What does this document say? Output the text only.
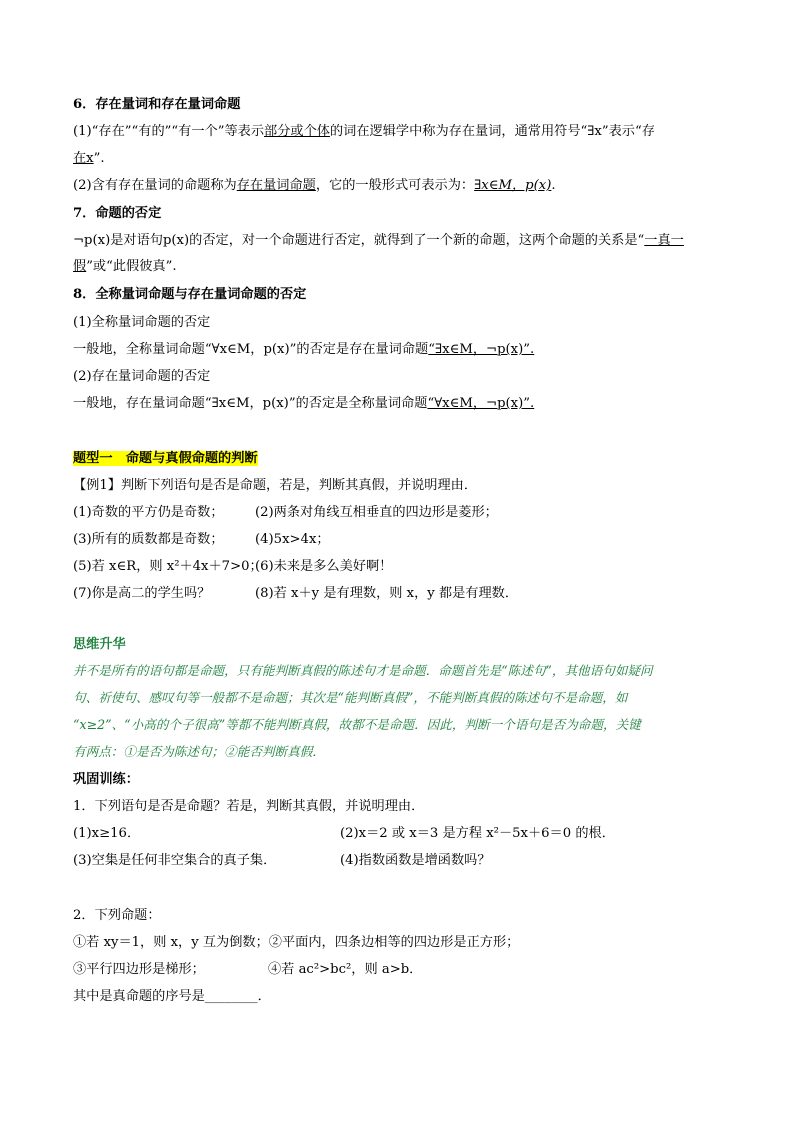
6．存在量词和存在量词命题
(1)“存在”“有的”“有一个”等表示部分或个体的词在逻辑学中称为存在量词，通常用符号“∃x”表示“存
在x”.
(2)含有存在量词的命题称为存在量词命题，它的一般形式可表示为：∃x∈M，p(x).
7．命题的否定
¬p(x)是对语句p(x)的否定，对一个命题进行否定，就得到了一个新的命题，这两个命题的关系是“一真一
假”或“此假彼真”.
8．全称量词命题与存在量词命题的否定
(1)全称量词命题的否定
一般地，全称量词命题“∀x∈M，p(x)”的否定是存在量词命题“∃x∈M，¬p(x)”.
(2)存在量词命题的否定
一般地，存在量词命题“∃x∈M，p(x)”的否定是全称量词命题“∀x∈M，¬p(x)”.
题型一　命题与真假命题的判断
【例1】判断下列语句是否是命题，若是，判断其真假，并说明理由．
(1)奇数的平方仍是奇数； (2)两条对角线互相垂直的四边形是菱形；
(3)所有的质数都是奇数； (4)5x>4x；
(5)若 x∈R，则 x²＋4x＋7>0；(6)未来是多么美好啊！
(7)你是高二的学生吗？	(8)若 x＋y 是有理数，则 x，y 都是有理数．
思维升华
并不是所有的语句都是命题，只有能判断真假的陈述句才是命题．命题首先是“陈述句”，其他语句如疑问
句、祈使句、感叹句等一般都不是命题；其次是“能判断真假”，不能判断真假的陈述句不是命题，如
“x≥2”、“小高的个子很高”等都不能判断真假，故都不是命题．因此，判断一个语句是否为命题，关键
有两点：①是否为陈述句；②能否判断真假．
巩固训练：
1．下列语句是否是命题？若是，判断其真假，并说明理由．
(1)x≥16．	(2)x＝2 或 x＝3 是方程 x²－5x＋6＝0 的根．
(3)空集是任何非空集合的真子集．	(4)指数函数是增函数吗？
2．下列命题：
①若 xy＝1，则 x，y 互为倒数；②平面内，四条边相等的四边形是正方形；
③平行四边形是梯形；	④若 ac²>bc²，则 a>b．
其中是真命题的序号是________．
